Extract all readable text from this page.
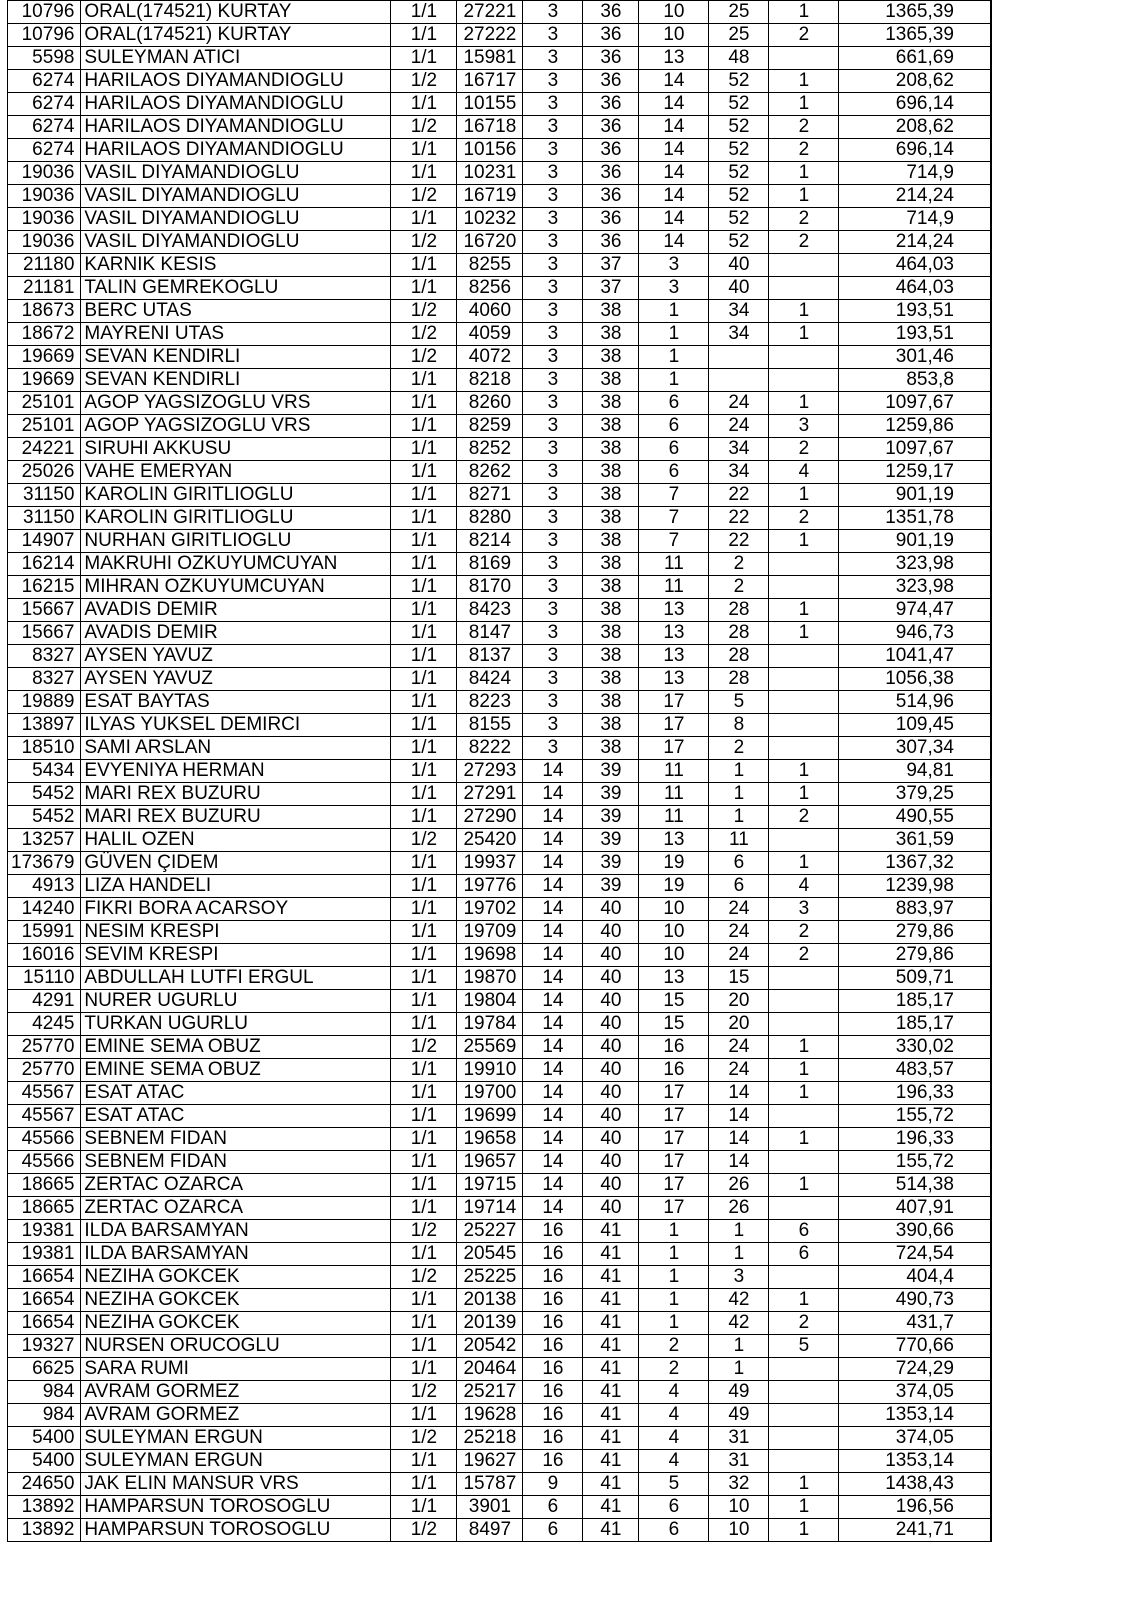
10796	ORAL(174521) KURTAY	1/1	27221	3	36	10	25	1	1365,39
10796	ORAL(174521) KURTAY	1/1	27222	3	36	10	25	2	1365,39
5598	SULEYMAN ATICI	1/1	15981	3	36	13	48		661,69
6274	HARILAOS DIYAMANDIOGLU	1/2	16717	3	36	14	52	1	208,62
6274	HARILAOS DIYAMANDIOGLU	1/1	10155	3	36	14	52	1	696,14
6274	HARILAOS DIYAMANDIOGLU	1/2	16718	3	36	14	52	2	208,62
6274	HARILAOS DIYAMANDIOGLU	1/1	10156	3	36	14	52	2	696,14
19036	VASIL DIYAMANDIOGLU	1/1	10231	3	36	14	52	1	714,9
19036	VASIL DIYAMANDIOGLU	1/2	16719	3	36	14	52	1	214,24
19036	VASIL DIYAMANDIOGLU	1/1	10232	3	36	14	52	2	714,9
19036	VASIL DIYAMANDIOGLU	1/2	16720	3	36	14	52	2	214,24
21180	KARNIK KESIS	1/1	8255	3	37	3	40		464,03
21181	TALIN GEMREKOGLU	1/1	8256	3	37	3	40		464,03
18673	BERC UTAS	1/2	4060	3	38	1	34	1	193,51
18672	MAYRENI UTAS	1/2	4059	3	38	1	34	1	193,51
19669	SEVAN KENDIRLI	1/2	4072	3	38	1			301,46
19669	SEVAN KENDIRLI	1/1	8218	3	38	1			853,8
25101	AGOP YAGSIZOGLU VRS	1/1	8260	3	38	6	24	1	1097,67
25101	AGOP YAGSIZOGLU VRS	1/1	8259	3	38	6	24	3	1259,86
24221	SIRUHI AKKUSU	1/1	8252	3	38	6	34	2	1097,67
25026	VAHE EMERYAN	1/1	8262	3	38	6	34	4	1259,17
31150	KAROLIN GIRITLIOGLU	1/1	8271	3	38	7	22	1	901,19
31150	KAROLIN GIRITLIOGLU	1/1	8280	3	38	7	22	2	1351,78
14907	NURHAN GIRITLIOGLU	1/1	8214	3	38	7	22	1	901,19
16214	MAKRUHI OZKUYUMCUYAN	1/1	8169	3	38	11	2		323,98
16215	MIHRAN OZKUYUMCUYAN	1/1	8170	3	38	11	2		323,98
15667	AVADIS DEMIR	1/1	8423	3	38	13	28	1	974,47
15667	AVADIS DEMIR	1/1	8147	3	38	13	28	1	946,73
8327	AYSEN YAVUZ	1/1	8137	3	38	13	28		1041,47
8327	AYSEN YAVUZ	1/1	8424	3	38	13	28		1056,38
19889	ESAT BAYTAS	1/1	8223	3	38	17	5		514,96
13897	ILYAS YUKSEL DEMIRCI	1/1	8155	3	38	17	8		109,45
18510	SAMI ARSLAN	1/1	8222	3	38	17	2		307,34
5434	EVYENIYA HERMAN	1/1	27293	14	39	11	1	1	94,81
5452	MARI REX BUZURU	1/1	27291	14	39	11	1	1	379,25
5452	MARI REX BUZURU	1/1	27290	14	39	11	1	2	490,55
13257	HALIL OZEN	1/2	25420	14	39	13	11		361,59
173679	GÜVEN ÇIDEM	1/1	19937	14	39	19	6	1	1367,32
4913	LIZA HANDELI	1/1	19776	14	39	19	6	4	1239,98
14240	FIKRI BORA ACARSOY	1/1	19702	14	40	10	24	3	883,97
15991	NESIM KRESPI	1/1	19709	14	40	10	24	2	279,86
16016	SEVIM KRESPI	1/1	19698	14	40	10	24	2	279,86
15110	ABDULLAH LUTFI ERGUL	1/1	19870	14	40	13	15		509,71
4291	NURER UGURLU	1/1	19804	14	40	15	20		185,17
4245	TURKAN UGURLU	1/1	19784	14	40	15	20		185,17
25770	EMINE SEMA OBUZ	1/2	25569	14	40	16	24	1	330,02
25770	EMINE SEMA OBUZ	1/1	19910	14	40	16	24	1	483,57
45567	ESAT ATAC	1/1	19700	14	40	17	14	1	196,33
45567	ESAT ATAC	1/1	19699	14	40	17	14		155,72
45566	SEBNEM FIDAN	1/1	19658	14	40	17	14	1	196,33
45566	SEBNEM FIDAN	1/1	19657	14	40	17	14		155,72
18665	ZERTAC OZARCA	1/1	19715	14	40	17	26	1	514,38
18665	ZERTAC OZARCA	1/1	19714	14	40	17	26		407,91
19381	ILDA BARSAMYAN	1/2	25227	16	41	1	1	6	390,66
19381	ILDA BARSAMYAN	1/1	20545	16	41	1	1	6	724,54
16654	NEZIHA GOKCEK	1/2	25225	16	41	1	3		404,4
16654	NEZIHA GOKCEK	1/1	20138	16	41	1	42	1	490,73
16654	NEZIHA GOKCEK	1/1	20139	16	41	1	42	2	431,7
19327	NURSEN ORUCOGLU	1/1	20542	16	41	2	1	5	770,66
6625	SARA RUMI	1/1	20464	16	41	2	1		724,29
984	AVRAM GORMEZ	1/2	25217	16	41	4	49		374,05
984	AVRAM GORMEZ	1/1	19628	16	41	4	49		1353,14
5400	SULEYMAN ERGUN	1/2	25218	16	41	4	31		374,05
5400	SULEYMAN ERGUN	1/1	19627	16	41	4	31		1353,14
24650	JAK ELIN MANSUR VRS	1/1	15787	9	41	5	32	1	1438,43
13892	HAMPARSUN TOROSOGLU	1/1	3901	6	41	6	10	1	196,56
13892	HAMPARSUN TOROSOGLU	1/2	8497	6	41	6	10	1	241,71
